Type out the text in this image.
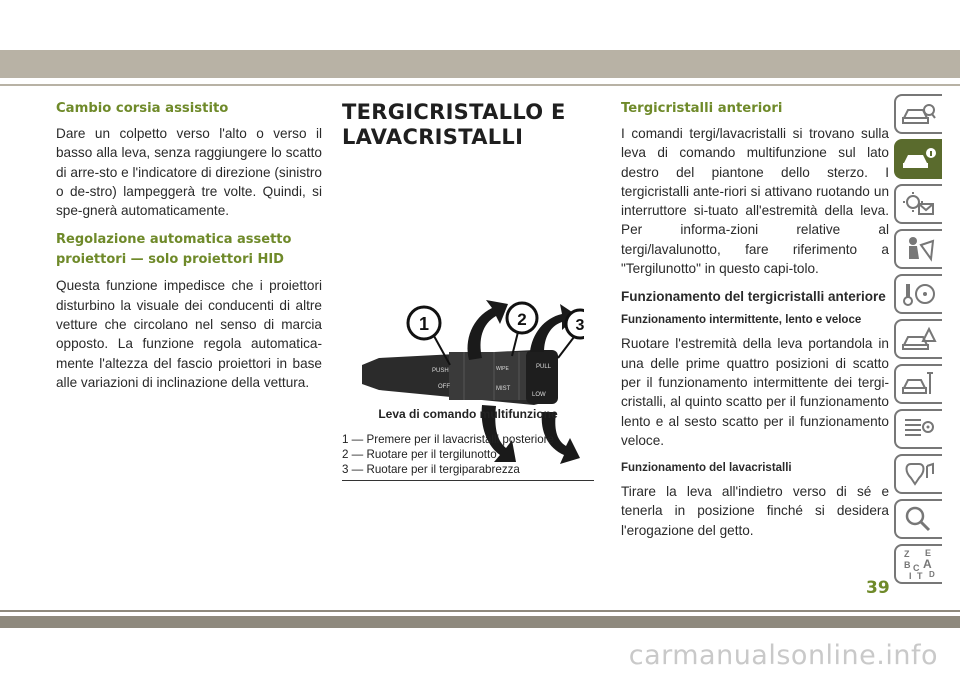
Cambio corsia assistito

Dare un colpetto verso l'alto o verso il basso alla leva, senza raggiungere lo scatto di arre-sto e l'indicatore di direzione (sinistro o de-stro) lampeggerà tre volte. Quindi, si spe-gnerà automaticamente.

Regolazione automatica assetto proiettori — solo proiettori HID

Questa funzione impedisce che i proiettori disturbino la visuale dei conducenti di altre vetture che circolano nel senso di marcia opposto. La funzione regola automatica-mente l'altezza del fascio proiettori in base alle variazioni di inclinazione della vettura.

TERGICRISTALLO E LAVACRISTALLI
PUSH
OFF
WIPE
MIST
PULL
LOW
1	2	3
Leva di comando multifunzione
1 — Premere per il lavacristalli posteriore
2 — Ruotare per il tergilunotto
3 — Ruotare per il tergiparabrezza
Tergicristalli anteriori

I comandi tergi/lavacristalli si trovano sulla leva di comando multifunzione sul lato destro del piantone dello sterzo. I tergicristalli ante-riori si attivano ruotando un interruttore si-tuato all'estremità della leva. Per informa-zioni relative al tergi/lavalunotto, fare riferimento a "Tergilunotto" in questo capi-tolo.

Funzionamento del tergicristalli anteriore
Funzionamento intermittente, lento e veloce

Ruotare l'estremità della leva portandola in una delle prime quattro posizioni di scatto per il funzionamento intermittente dei tergi-cristalli, al quinto scatto per il funzionamento lento e al sesto scatto per il funzionamento veloce.

Funzionamento del lavacristalli

Tirare la leva all'indietro verso di sé e tenerla in posizione finché si desidera l'erogazione del getto.

Z E
B A
C
D
T
I
39
carmanualsonline.info
